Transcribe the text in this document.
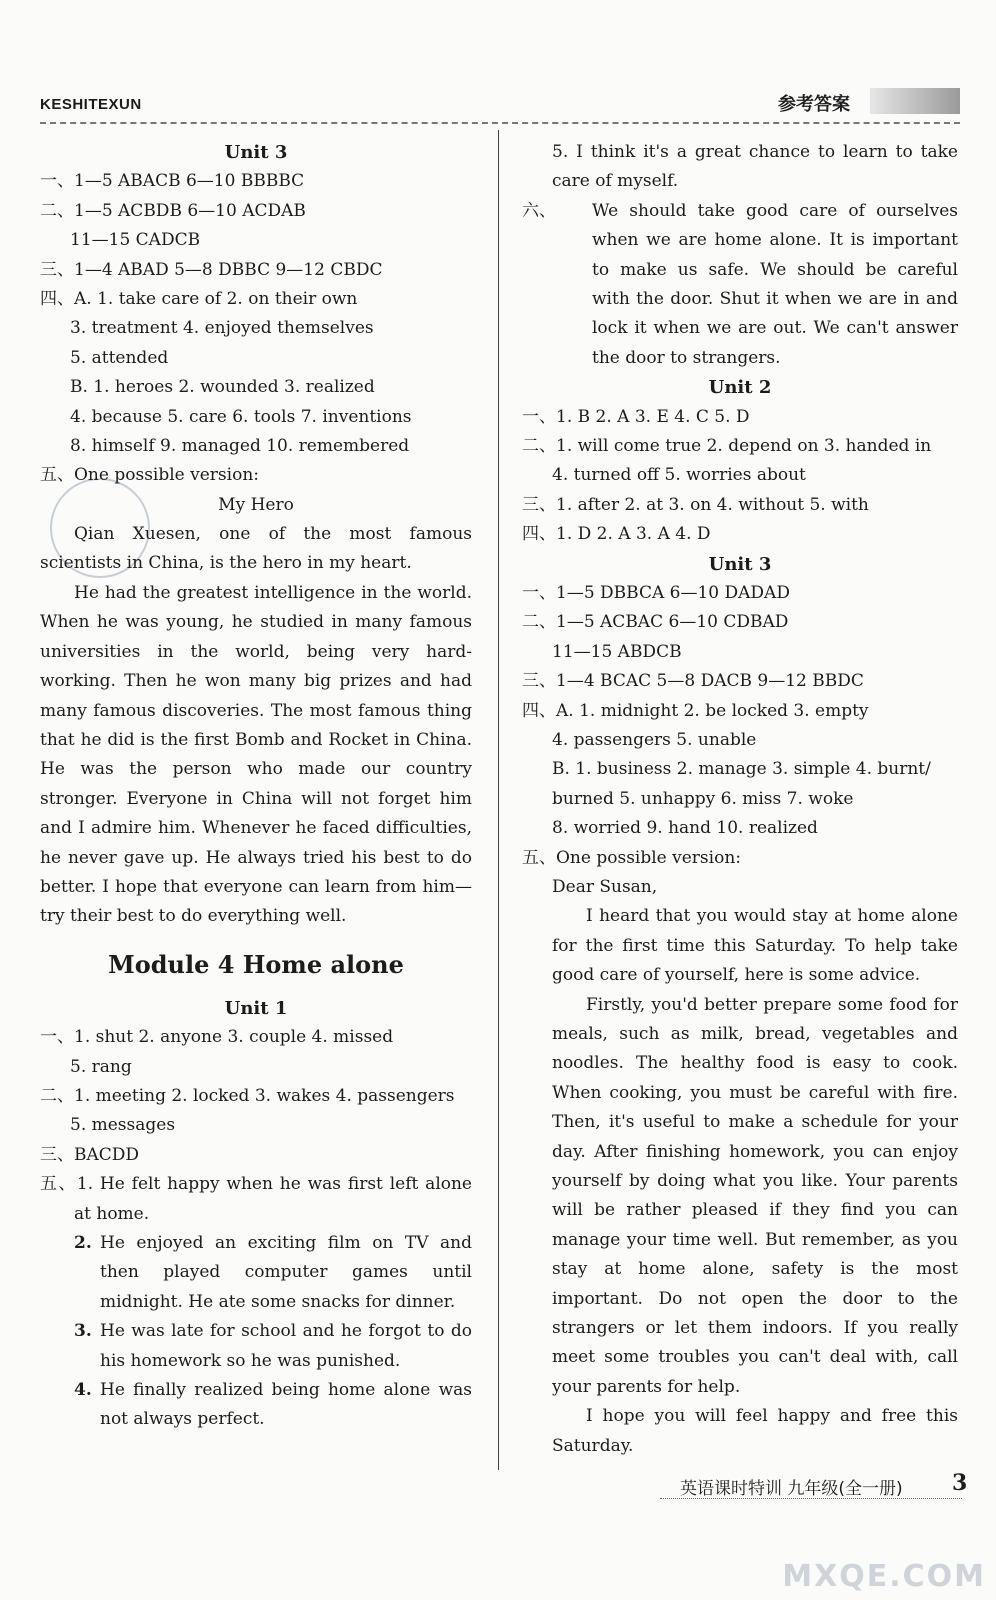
KESHITEXUN	参考答案
Unit 3
一、1—5 ABACB 6—10 BBBBC
二、1—5 ACBDB 6—10 ACDAB
11—15 CADCB
三、1—4 ABAD 5—8 DBBC 9—12 CBDC
四、A. 1. take care of 2. on their own
3. treatment 4. enjoyed themselves
5. attended
B. 1. heroes 2. wounded 3. realized
4. because 5. care 6. tools 7. inventions
8. himself 9. managed 10. remembered
五、One possible version:
My Hero
Qian Xuesen, one of the most famous scientists in China, is the hero in my heart.
He had the greatest intelligence in the world. When he was young, he studied in many famous universities in the world, being very hard-working. Then he won many big prizes and had many famous discoveries. The most famous thing that he did is the first Bomb and Rocket in China. He was the person who made our country stronger. Everyone in China will not forget him and I admire him. Whenever he faced difficulties, he never gave up. He always tried his best to do better. I hope that everyone can learn from him—try their best to do everything well.
Module 4 Home alone
Unit 1
一、1. shut 2. anyone 3. couple 4. missed
5. rang
二、1. meeting 2. locked 3. wakes 4. passengers
5. messages
三、BACDD
五、1. He felt happy when he was first left alone at home.
2. He enjoyed an exciting film on TV and then played computer games until midnight. He ate some snacks for dinner.
3. He was late for school and he forgot to do his homework so he was punished.
4. He finally realized being home alone was not always perfect.
5. I think it's a great chance to learn to take care of myself.
六、	We should take good care of ourselves when we are home alone. It is important to make us safe. We should be careful with the door. Shut it when we are in and lock it when we are out. We can't answer the door to strangers.
Unit 2
一、1. B 2. A 3. E 4. C 5. D
二、1. will come true 2. depend on 3. handed in
4. turned off 5. worries about
三、1. after 2. at 3. on 4. without 5. with
四、1. D 2. A 3. A 4. D
Unit 3
一、1—5 DBBCA 6—10 DADAD
二、1—5 ACBAC 6—10 CDBAD
11—15 ABDCB
三、1—4 BCAC 5—8 DACB 9—12 BBDC
四、A. 1. midnight 2. be locked 3. empty
4. passengers 5. unable
B. 1. business 2. manage 3. simple 4. burnt/
burned 5. unhappy 6. miss 7. woke
8. worried 9. hand 10. realized
五、One possible version:
Dear Susan,
I heard that you would stay at home alone for the first time this Saturday. To help take good care of yourself, here is some advice.
Firstly, you'd better prepare some food for meals, such as milk, bread, vegetables and noodles. The healthy food is easy to cook. When cooking, you must be careful with fire. Then, it's useful to make a schedule for your day. After finishing homework, you can enjoy yourself by doing what you like. Your parents will be rather pleased if they find you can manage your time well. But remember, as you stay at home alone, safety is the most important. Do not open the door to the strangers or let them indoors. If you really meet some troubles you can't deal with, call your parents for help.
I hope you will feel happy and free this Saturday.
英语课时特训 九年级(全一册) 3
MXQE.COM
